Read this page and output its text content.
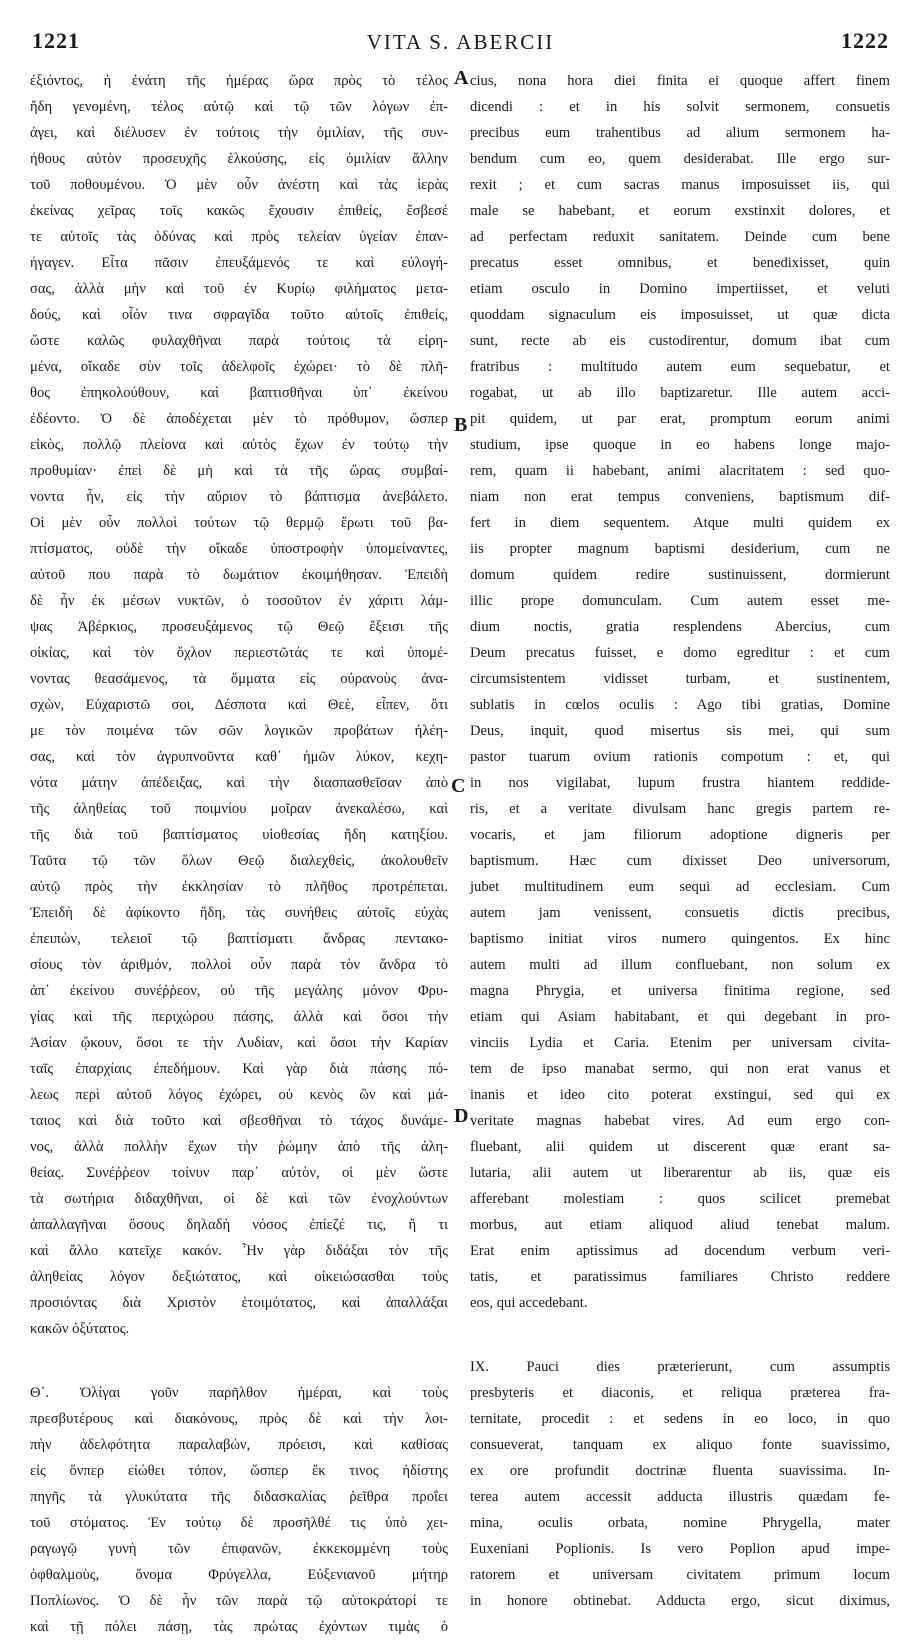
1221	VITA S. ABERCII	1222
ἐξιόντος, ἡ ἐνάτη τῆς ἡμέρας ὥρα πρὸς τὸ τέλος
ἤδη γενομένη, τέλος αὐτῷ καὶ τῷ τῶν λόγων ἐπ-
άγει, καὶ διέλυσεν ἐν τούτοις τὴν ὁμιλίαν, τῆς συν-
ήθους αὐτὸν προσευχῆς ἑλκούσης, εἰς ὁμιλίαν ἄλλην
τοῦ ποθουμένου. Ὁ μὲν οὖν ἀνέστη καὶ τὰς ἱερὰς
ἐκείνας χεῖρας τοῖς κακῶς ἔχουσιν ἐπιθείς, ἔσβεσέ
τε αὐτοῖς τὰς ὀδύνας καὶ πρὸς τελείαν ὑγείαν ἐπαν-
ήγαγεν. Εἶτα πᾶσιν ἐπευξάμενός τε καὶ εὐλογή-
σας, ἀλλὰ μὴν καὶ τοῦ ἐν Κυρίῳ φιλήματος μετα-
δούς, καὶ οἷόν τινα σφραγῖδα τοῦτο αὐτοῖς ἐπιθείς,
ὥστε καλῶς φυλαχθῆναι παρὰ τούτοις τὰ εἰρη-
μένα, οἴκαδε σὺν τοῖς ἀδελφοῖς ἐχώρει· τὸ δὲ πλῆ-
θος ἐπηκολούθουν, καὶ βαπτισθῆναι ὑπ᾽ ἐκείνου
ἐδέοντο. Ὁ δὲ ἀποδέχεται μὲν τὸ πρόθυμον, ὥσπερ
εἰκὸς, πολλῷ πλείονα καὶ αὐτὸς ἔχων ἐν τούτῳ τὴν
προθυμίαν· ἐπεὶ δὲ μὴ καὶ τὰ τῆς ὥρας συμβαί-
νοντα ἦν, εἰς τὴν αὔριον τὸ βάπτισμα ἀνεβάλετο.
Οἱ μὲν οὖν πολλοὶ τούτων τῷ θερμῷ ἔρωτι τοῦ βα-
πτίσματος, οὐδὲ τὴν οἴκαδε ὑποστροφὴν ὑπομείναντες,
αὐτοῦ που παρὰ τὸ δωμάτιον ἐκοιμήθησαν. Ἐπειδὴ
δὲ ἦν ἐκ μέσων νυκτῶν, ὁ τοσοῦτον ἐν χάριτι λάμ-
ψας Ἀβέρκιος, προσευξάμενος τῷ Θεῷ ἔξεισι τῆς
οἰκίας, καὶ τὸν ὄχλον περιεστῶτάς τε καὶ ὑπομέ-
νοντας θεασάμενος, τὰ ὄμματα εἰς οὐρανοὺς ἀνα-
σχὼν, Εὐχαριστῶ σοι, Δέσποτα καὶ Θεὲ, εἶπεν, ὅτι
με τὸν ποιμένα τῶν σῶν λογικῶν προβάτων ἠλέη-
σας, καὶ τὸν ἀγρυπνοῦντα καθ᾽ ἡμῶν λύκον, κεχη-
νότα μάτην ἀπέδειξας, καὶ τὴν διασπασθεῖσαν ἀπὸ
τῆς ἀληθείας τοῦ ποιμνίου μοῖραν ἀνεκαλέσω, καὶ
τῆς διὰ τοῦ βαπτίσματος υἱοθεσίας ἤδη κατηξίου.
Ταῦτα τῷ τῶν ὅλων Θεῷ διαλεχθεὶς, ἀκολουθεῖν
αὐτῷ πρὸς τὴν ἐκκλησίαν τὸ πλῆθος προτρέπεται.
Ἐπειδὴ δὲ ἀφίκοντο ἤδη, τὰς συνήθεις αὐτοῖς εὐχὰς
ἐπειπὼν, τελειοῖ τῷ βαπτίσματι ἄνδρας πεντακο-
σίους τὸν ἀριθμόν, πολλοὶ οὖν παρὰ τὸν ἄνδρα τὸ
ἀπ᾽ ἐκείνου συνέῤῥεον, οὐ τῆς μεγάλης μόνον Φρυ-
γίας καὶ τῆς περιχώρου πάσης, ἀλλὰ καὶ ὅσοι τὴν
Ἀσίαν ᾤκουν, ὅσοι τε τὴν Λυδίαν, καὶ ὅσοι τὴν Καρίαν
ταῖς ἐπαρχίαις ἐπεδήμουν. Καὶ γὰρ διὰ πάσης πό-
λεως περὶ αὐτοῦ λόγος ἐχώρει, οὐ κενὸς ὢν καὶ μά-
ταιος καὶ διὰ τοῦτο καὶ σβεσθῆναι τὸ τάχος δυνάμε-
νος, ἀλλὰ πολλὴν ἔχων τὴν ῥώμην ἀπὸ τῆς ἀλη-
θείας. Συνέῤῥεον τοίνυν παρ᾽ αὐτὸν, οἱ μὲν ὥστε
τὰ σωτήρια διδαχθῆναι, οἱ δὲ καὶ τῶν ἐνοχλούντων
ἀπαλλαγῆναι ὅσους δηλαδὴ νόσος ἐπίεζέ τις, ἤ τι
καὶ ἄλλο κατεῖχε κακόν. Ἦν γὰρ διδάξαι τὸν τῆς
ἀληθείας λόγον δεξιώτατος, καὶ οἰκειώσασθαι τοὺς
προσιόντας διὰ Χριστὸν ἑτοιμότατος, καὶ ἀπαλλάξαι
κακῶν ὀξύτατος.
Θ᾽. Ὀλίγαι γοῦν παρῆλθον ἡμέραι, καὶ τοὺς
πρεσβυτέρους καὶ διακόνους, πρὸς δὲ καὶ τὴν λοι-
πὴν ἀδελφότητα παραλαβών, πρόεισι, καὶ καθίσας
εἰς ὅνπερ εἰώθει τόπον, ὥσπερ ἔκ τινος ἡδίστης
πηγῆς τὰ γλυκύτατα τῆς διδασκαλίας ῥεῖθρα προΐει
τοῦ στόματος. Ἐν τούτῳ δὲ προσῆλθέ τις ὑπὸ χει-
ραγωγῷ γυνὴ τῶν ἐπιφανῶν, ἐκκεκομμένη τοὺς
ὀφθαλμοὺς, ὄνομα Φρύγελλα, Εὐξενιανοῦ μήτηρ
Ποπλίωνος. Ὁ δὲ ἦν τῶν παρὰ τῷ αὐτοκράτορί τε
καὶ τῇ πόλει πάσῃ, τὰς πρώτας ἐχόντων τιμὰς ὁ
cius, nona hora diei finita ei quoque affert finem
dicendi : et in his solvit sermonem, consuetis
precibus eum trahentibus ad alium sermonem ha-
bendum cum eo, quem desiderabat. Ille ergo sur-
rexit ; et cum sacras manus imposuisset iis, qui
male se habebant, et eorum exstinxit dolores, et
ad perfectam reduxit sanitatem. Deinde cum bene
precatus esset omnibus, et benedixisset, quin
etiam osculo in Domino impertiisset, et veluti
quoddam signaculum eis imposuisset, ut quæ dicta
sunt, recte ab eis custodirentur, domum ibat cum
fratribus : multitudo autem eum sequebatur, et
rogabat, ut ab illo baptizaretur. Ille autem acci-
pit quidem, ut par erat, promptum eorum animi
studium, ipse quoque in eo habens longe majo-
rem, quam ii habebant, animi alacritatem : sed quo-
niam non erat tempus conveniens, baptismum dif-
fert in diem sequentem. Atque multi quidem ex
iis propter magnum baptismi desiderium, cum ne
domum quidem redire sustinuissent, dormierunt
illic prope domunculam. Cum autem esset me-
dium noctis, gratia resplendens Abercius, cum
Deum precatus fuisset, e domo egreditur : et cum
circumsistentem vidisset turbam, et sustinentem,
sublatis in cœlos oculis : Ago tibi gratias, Domine
Deus, inquit, quod misertus sis mei, qui sum
pastor tuarum ovium rationis compotum : et, qui
in nos vigilabat, lupum frustra hiantem reddide-
ris, et a veritate divulsam hanc gregis partem re-
vocaris, et jam filiorum adoptione digneris per
baptismum. Hæc cum dixisset Deo universorum,
jubet multitudinem eum sequi ad ecclesiam. Cum
autem jam venissent, consuetis dictis precibus,
baptismo initiat viros numero quingentos. Ex hinc
autem multi ad illum confluebant, non solum ex
magna Phrygia, et universa finitima regione, sed
etiam qui Asiam habitabant, et qui degebant in pro-
vinciis Lydia et Caria. Etenim per universam civita-
tem de ipso manabat sermo, qui non erat vanus et
inanis et ideo cito poterat exstingui, sed qui ex
veritate magnas habebat vires. Ad eum ergo con-
fluebant, alii quidem ut discerent quæ erant sa-
lutaria, alii autem ut liberarentur ab iis, quæ eis
afferebant molestiam : quos scilicet premebat
morbus, aut etiam aliquod aliud tenebat malum.
Erat enim aptissimus ad docendum verbum veri-
tatis, et paratissimus familiares Christo reddere
eos, qui accedebant.
IX. Pauci dies præterierunt, cum assumptis
presbyteris et diaconis, et reliqua præterea fra-
ternitate, procedit : et sedens in eo loco, in quo
consueverat, tanquam ex aliquo fonte suavissimo,
ex ore profundit doctrinæ fluenta suavissima. In-
terea autem accessit adducta illustris quædam fe-
mina, oculis orbata, nomine Phrygella, mater
Euxeniani Poplionis. Is vero Poplion apud impe-
ratorem et universam civitatem primum locum
in honore obtinebat. Adducta ergo, sicut diximus,
A
B
C
D
